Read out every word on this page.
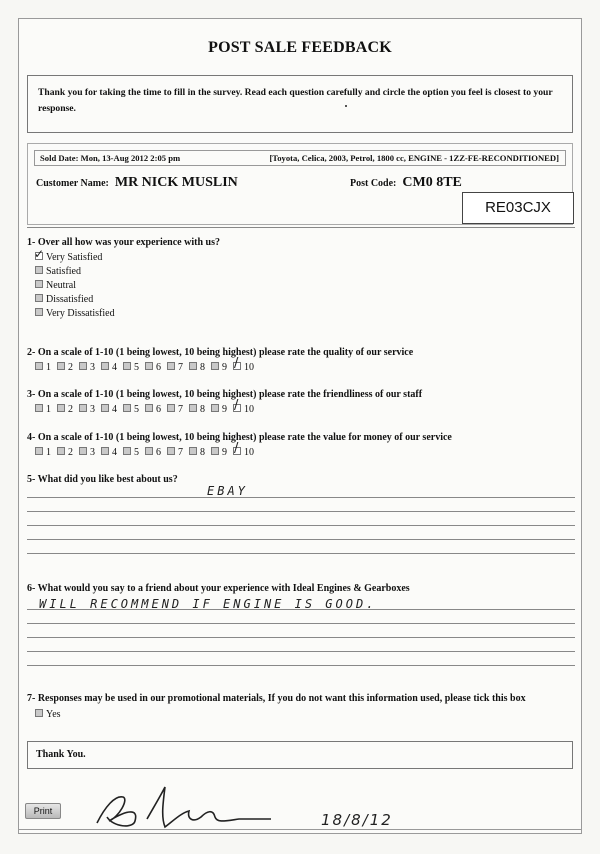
POST SALE FEEDBACK
Thank you for taking the time to fill in the survey. Read each question carefully and circle the option you feel is closest to your response.
Sold Date: Mon, 13-Aug 2012 2:05 pm	[Toyota, Celica, 2003, Petrol, 1800 cc, ENGINE - 1ZZ-FE-RECONDITIONED]
Customer Name: MR NICK MUSLIN	Post Code: CM0 8TE
RE03CJX
1- Over all how was your experience with us?
✓ Very Satisfied
Satisfied
Neutral
Dissatisfied
Very Dissatisfied
2- On a scale of 1-10 (1 being lowest, 10 being highest) please rate the quality of our service
1	2	3	4	5	6	7	8	9 / 10
3- On a scale of 1-10 (1 being lowest, 10 being highest) please rate the friendliness of our staff
1	2	3	4	5	6	7	8	9 / 10
4- On a scale of 1-10 (1 being lowest, 10 being highest) please rate the value for money of our service
1	2	3	4	5	6	7	8	9 / 10
5- What did you like best about us?
EBAY
6- What would you say to a friend about your experience with Ideal Engines & Gearboxes
WILL RECOMMEND IF ENGINE IS GOOD.
7- Responses may be used in our promotional materials, If you do not want this information used, please tick this box
Yes
Thank You.
Print	18/8/12
